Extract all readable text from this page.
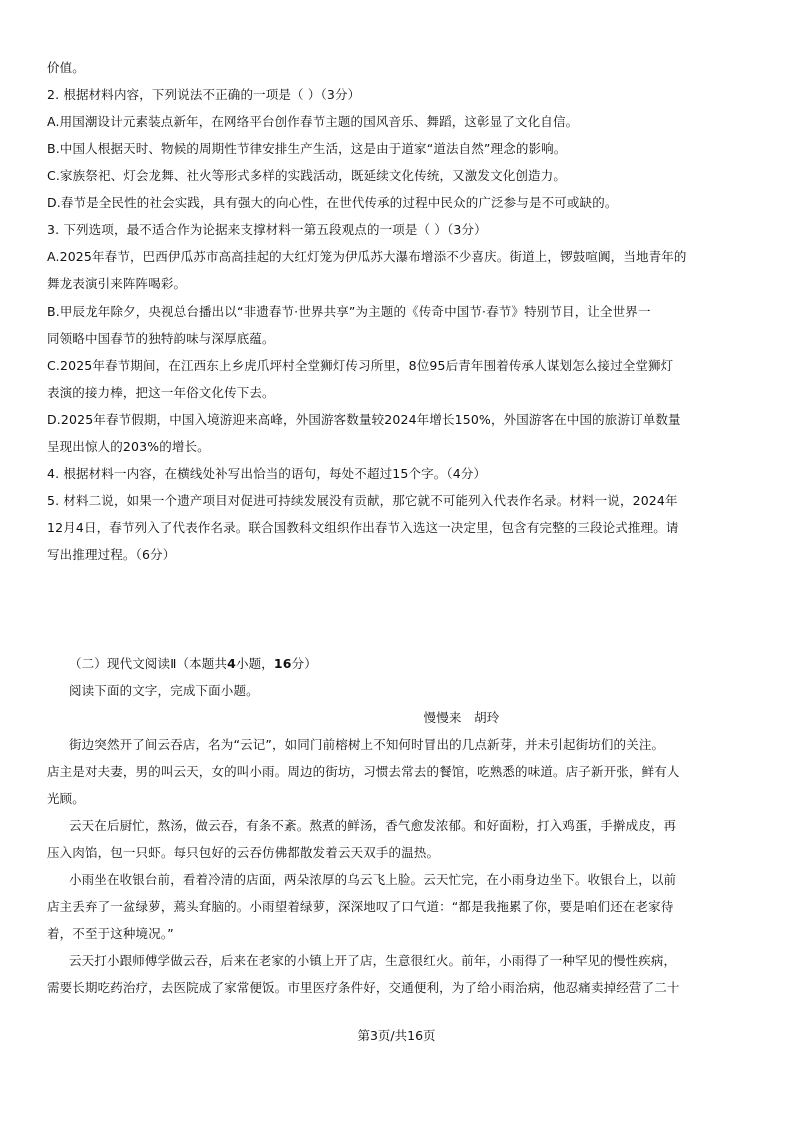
价值。
2. 根据材料内容，下列说法不正确的一项是（ ）（3分）
A.用国潮设计元素装点新年，在网络平台创作春节主题的国风音乐、舞蹈，这彰显了文化自信。
B.中国人根据天时、物候的周期性节律安排生产生活，这是由于道家“道法自然”理念的影响。
C.家族祭祀、灯会龙舞、社火等形式多样的实践活动，既延续文化传统，又激发文化创造力。
D.春节是全民性的社会实践，具有强大的向心性，在世代传承的过程中民众的广泛参与是不可或缺的。
3. 下列选项，最不适合作为论据来支撑材料一第五段观点的一项是（ ）（3分）
A.2025年春节，巴西伊瓜苏市高高挂起的大红灯笼为伊瓜苏大瀑布增添不少喜庆。街道上，锣鼓喧阗，当地青年的
舞龙表演引来阵阵喝彩。
B.甲辰龙年除夕，央视总台播出以“非遗春节·世界共享”为主题的《传奇中国节·春节》特别节目，让全世界一
同领略中国春节的独特韵味与深厚底蕴。
C.2025年春节期间，在江西东上乡虎爪坪村全堂狮灯传习所里，8位95后青年围着传承人谋划怎么接过全堂狮灯
表演的接力棒，把这一年俗文化传下去。
D.2025年春节假期，中国入境游迎来高峰，外国游客数量较2024年增长150%，外国游客在中国的旅游订单数量
呈现出惊人的203%的增长。
4. 根据材料一内容，在横线处补写出恰当的语句，每处不超过15个字。（4分）
5. 材料二说，如果一个遗产项目对促进可持续发展没有贡献，那它就不可能列入代表作名录。材料一说，2024年
12月4日，春节列入了代表作名录。联合国教科文组织作出春节入选这一决定里，包含有完整的三段论式推理。请
写出推理过程。（6分）
（二）现代文阅读Ⅱ（本题共4小题，16分）
阅读下面的文字，完成下面小题。
慢慢来　胡玲
街边突然开了间云吞店，名为“云记”，如同门前榕树上不知何时冒出的几点新芽，并未引起街坊们的关注。
店主是对夫妻，男的叫云天，女的叫小雨。周边的街坊，习惯去常去的餐馆，吃熟悉的味道。店子新开张，鲜有人
光顾。
云天在后厨忙，熬汤，做云吞，有条不紊。熬煮的鲜汤，香气愈发浓郁。和好面粉，打入鸡蛋，手擀成皮，再
压入肉馅，包一只虾。每只包好的云吞仿佛都散发着云天双手的温热。
小雨坐在收银台前，看着冷清的店面，两朵浓厚的乌云飞上脸。云天忙完，在小雨身边坐下。收银台上，以前
店主丢弃了一盆绿萝，蔫头耷脑的。小雨望着绿萝，深深地叹了口气道：“都是我拖累了你，要是咱们还在老家待
着，不至于这种境况。”
云天打小跟师傅学做云吞，后来在老家的小镇上开了店，生意很红火。前年，小雨得了一种罕见的慢性疾病，
需要长期吃药治疗，去医院成了家常便饭。市里医疗条件好，交通便利，为了给小雨治病，他忍痛卖掉经营了二十
第3页/共16页
